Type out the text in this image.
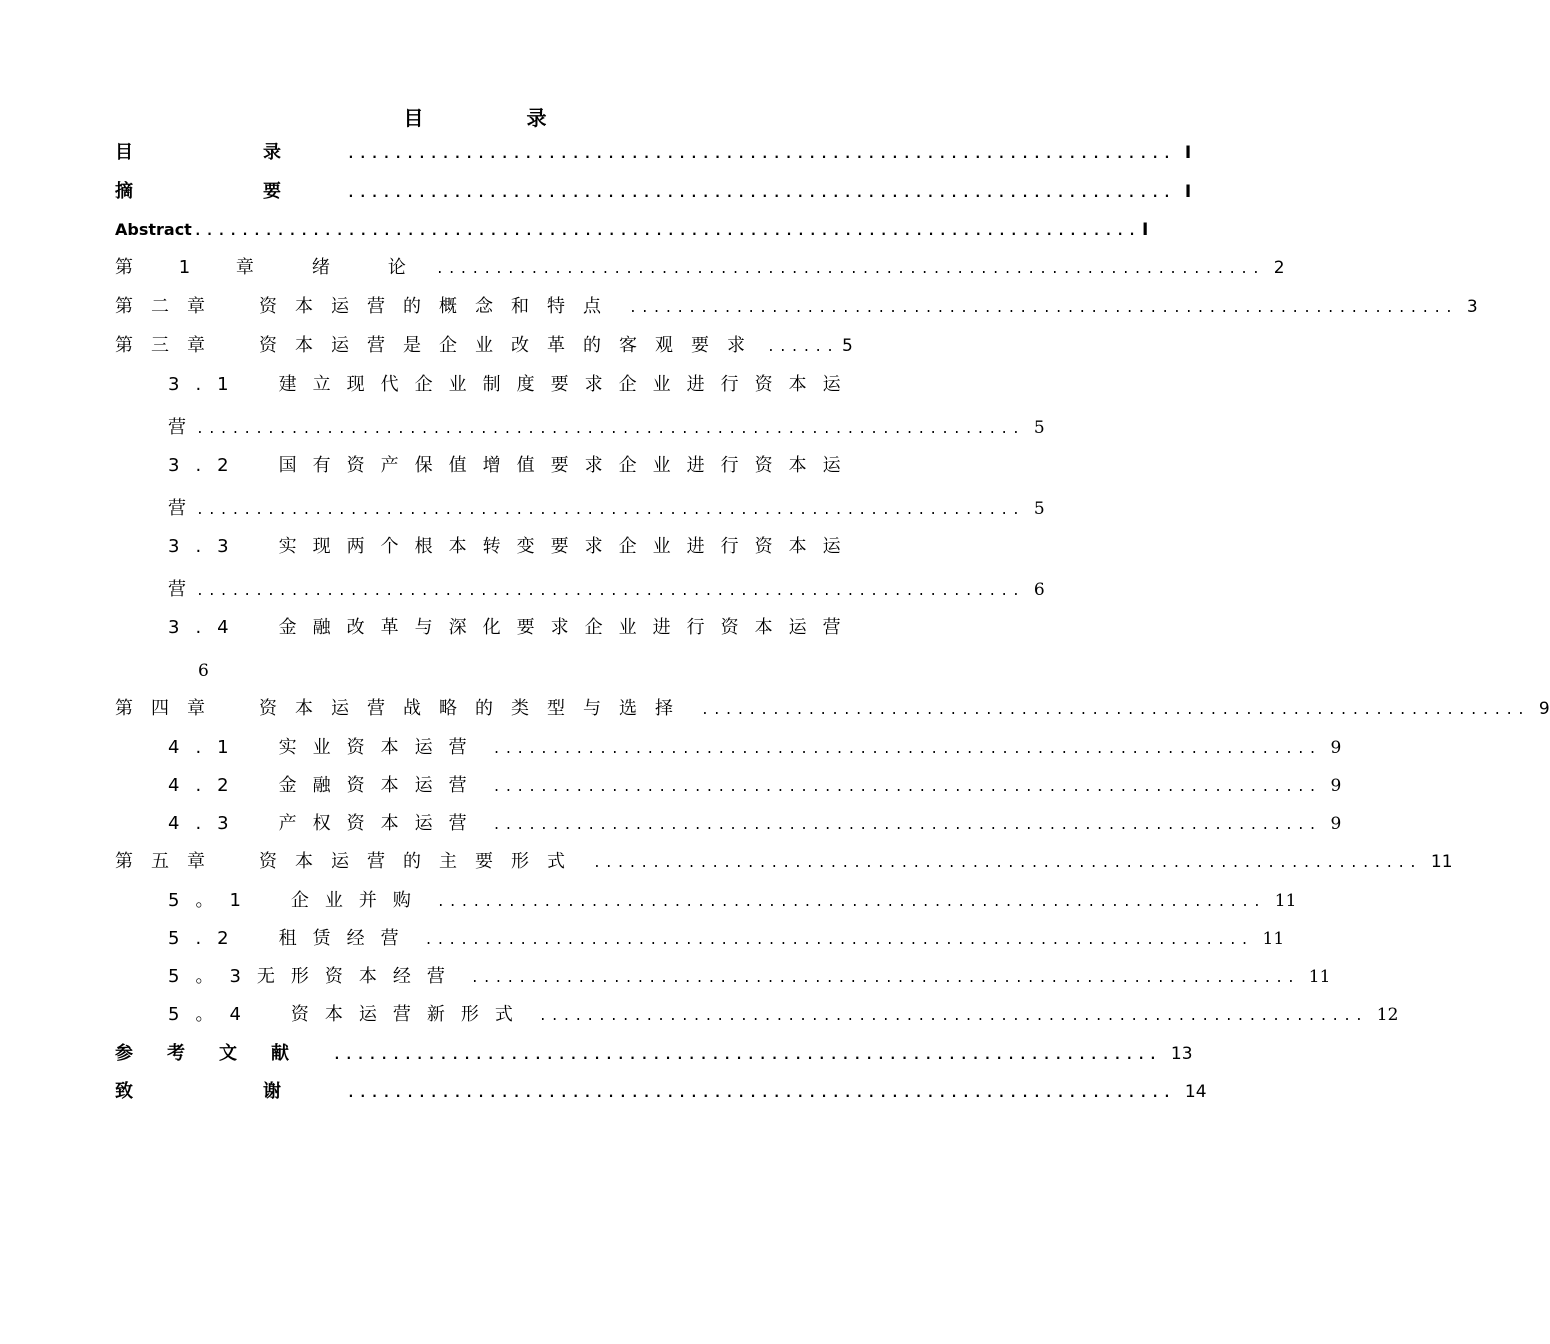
目 录
目　录 ...................................................................... I
摘　要 ...................................................................... I
Abstract ................................................................................ I
第 1 章　绪　论 ...................................................................... 2
第二章　资本运营的概念和特点 ...................................................................... 3
第三章　资本运营是企业改革的客观要求 ...... 5
3.1　建立现代企业制度要求企业进行资本运
营 ...................................................................... 5
3.2　国有资产保值增值要求企业进行资本运
营 ...................................................................... 5
3.3　实现两个根本转变要求企业进行资本运
营 ...................................................................... 6
3.4　金融改革与深化要求企业进行资本运营
6
第四章　资本运营战略的类型与选择 ...................................................................... 9
4.1　实业资本运营 ...................................................................... 9
4.2　金融资本运营 ...................................................................... 9
4.3　产权资本运营 ...................................................................... 9
第五章　资本运营的主要形式 ...................................................................... 11
5。1　企业并购 ...................................................................... 11
5.2　租赁经营 ...................................................................... 11
5。3无形资本经营 ...................................................................... 11
5。4　资本运营新形式 ...................................................................... 12
参考文献 ...................................................................... 13
致　谢 ...................................................................... 14
